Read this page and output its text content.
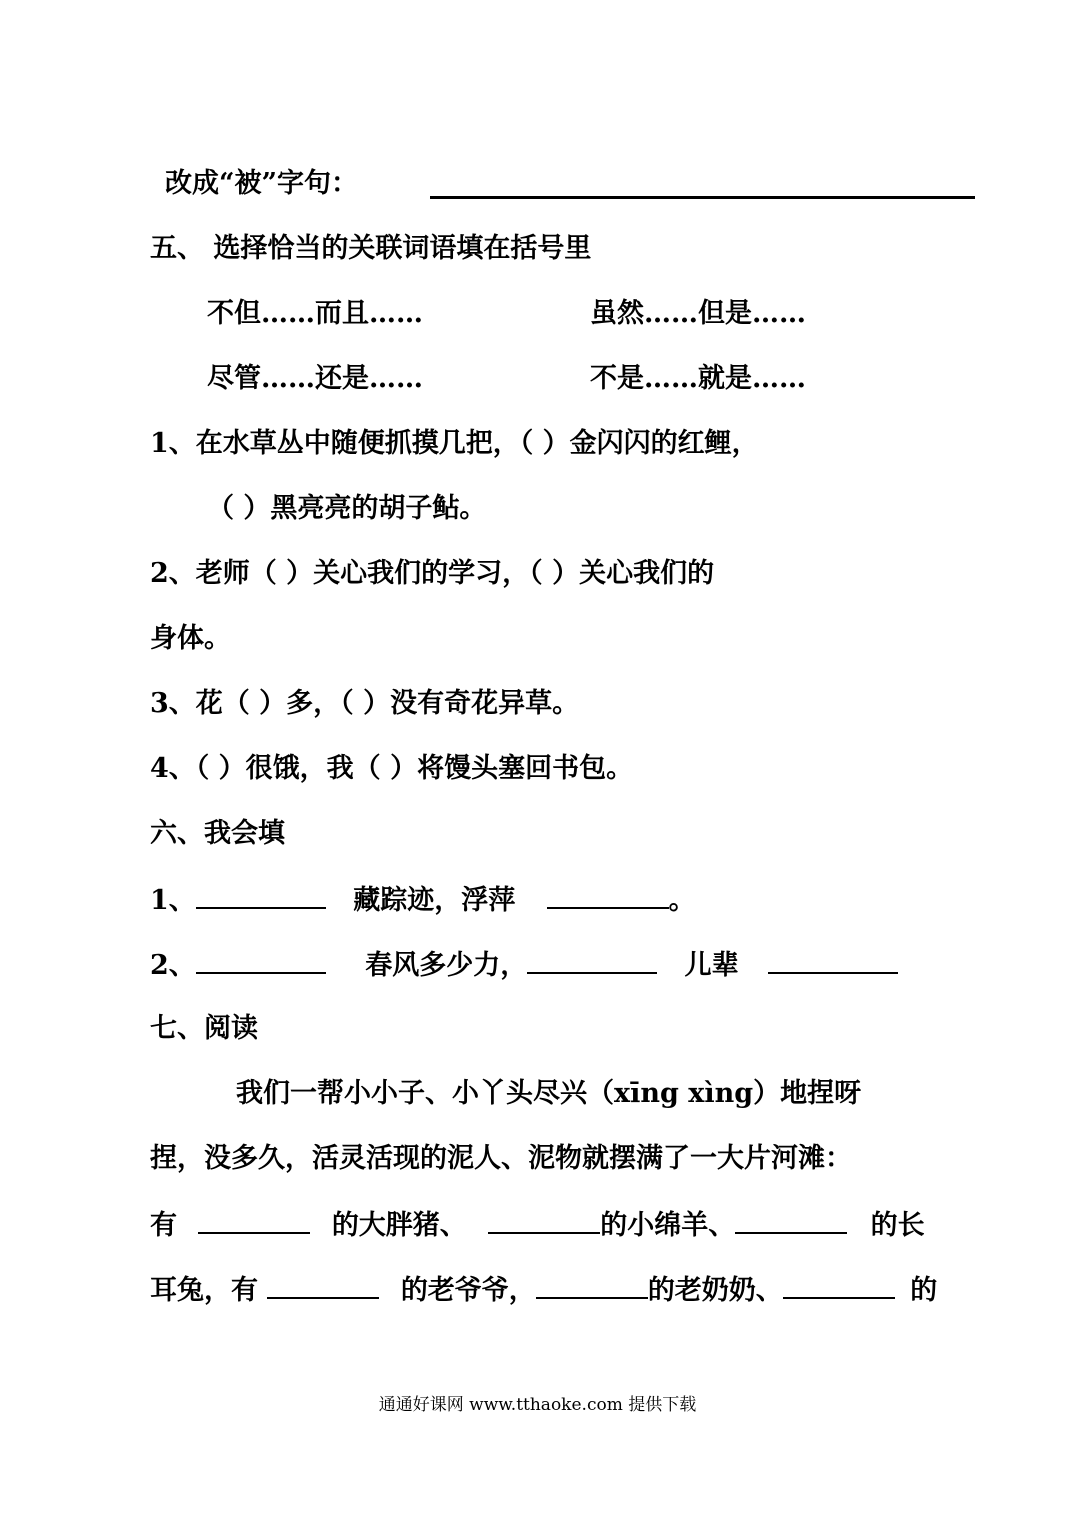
改成“被”字句：
五、 选择恰当的关联词语填在括号里
不但……而且……	虽然……但是……
尽管……还是……	不是……就是……
1、在水草丛中随便抓摸几把，（ ）金闪闪的红鲤，
（ ）黑亮亮的胡子鲇。
2、老师（ ）关心我们的学习，（ ）关心我们的
身体。
3、花（ ）多，（ ）没有奇花异草。
4、（ ）很饿，我（ ）将馒头塞回书包。
六、我会填
1、	藏踪迹，浮萍	。
2、	春风多少力，	儿辈
七、阅读
我们一帮小小子、小丫头尽兴（xīng xìng）地捏呀
捏，没多久，活灵活现的泥人、泥物就摆满了一大片河滩：
有	的大胖猪、	的小绵羊、	的长
耳兔，有	的老爷爷，	的老奶奶、	的
通通好课网 www.tthaoke.com 提供下载
